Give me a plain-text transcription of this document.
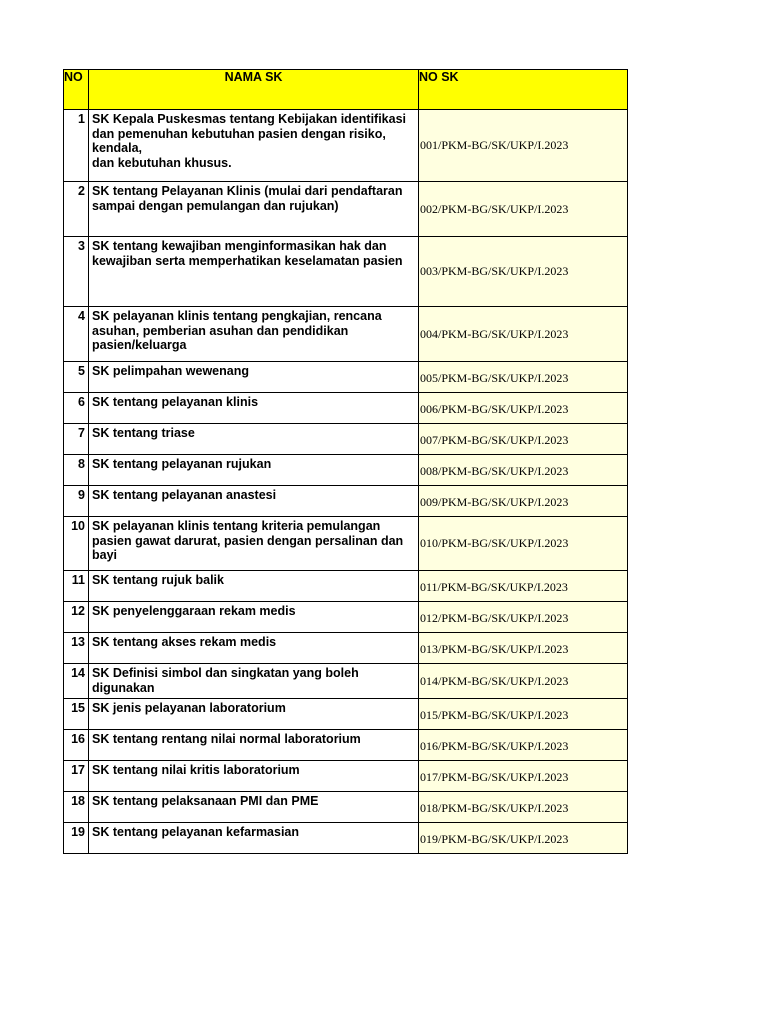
NO	NAMA SK	NO SK
1	SK Kepala Puskesmas tentang Kebijakan identifikasi
dan pemenuhan kebutuhan pasien dengan risiko,
kendala,
dan kebutuhan khusus.	001/PKM-BG/SK/UKP/I.2023
2	SK tentang Pelayanan Klinis (mulai dari pendaftaran
sampai dengan pemulangan dan rujukan)	002/PKM-BG/SK/UKP/I.2023
3	SK tentang kewajiban menginformasikan hak dan
kewajiban serta memperhatikan keselamatan pasien	003/PKM-BG/SK/UKP/I.2023
4	SK pelayanan klinis tentang pengkajian, rencana
asuhan, pemberian asuhan dan pendidikan
pasien/keluarga	004/PKM-BG/SK/UKP/I.2023
5	SK pelimpahan wewenang	005/PKM-BG/SK/UKP/I.2023
6	SK tentang pelayanan klinis	006/PKM-BG/SK/UKP/I.2023
7	SK tentang triase	007/PKM-BG/SK/UKP/I.2023
8	SK tentang pelayanan rujukan	008/PKM-BG/SK/UKP/I.2023
9	SK tentang pelayanan anastesi	009/PKM-BG/SK/UKP/I.2023
10	SK pelayanan klinis tentang kriteria pemulangan
pasien gawat darurat, pasien dengan persalinan dan
bayi	010/PKM-BG/SK/UKP/I.2023
11	SK tentang rujuk balik	011/PKM-BG/SK/UKP/I.2023
12	SK penyelenggaraan rekam medis	012/PKM-BG/SK/UKP/I.2023
13	SK tentang akses rekam medis	013/PKM-BG/SK/UKP/I.2023
14	SK Definisi simbol dan singkatan yang boleh
digunakan	014/PKM-BG/SK/UKP/I.2023
15	SK jenis pelayanan laboratorium	015/PKM-BG/SK/UKP/I.2023
16	SK tentang rentang nilai normal laboratorium	016/PKM-BG/SK/UKP/I.2023
17	SK tentang nilai kritis laboratorium	017/PKM-BG/SK/UKP/I.2023
18	SK tentang pelaksanaan PMI dan PME	018/PKM-BG/SK/UKP/I.2023
19	SK tentang pelayanan kefarmasian	019/PKM-BG/SK/UKP/I.2023
